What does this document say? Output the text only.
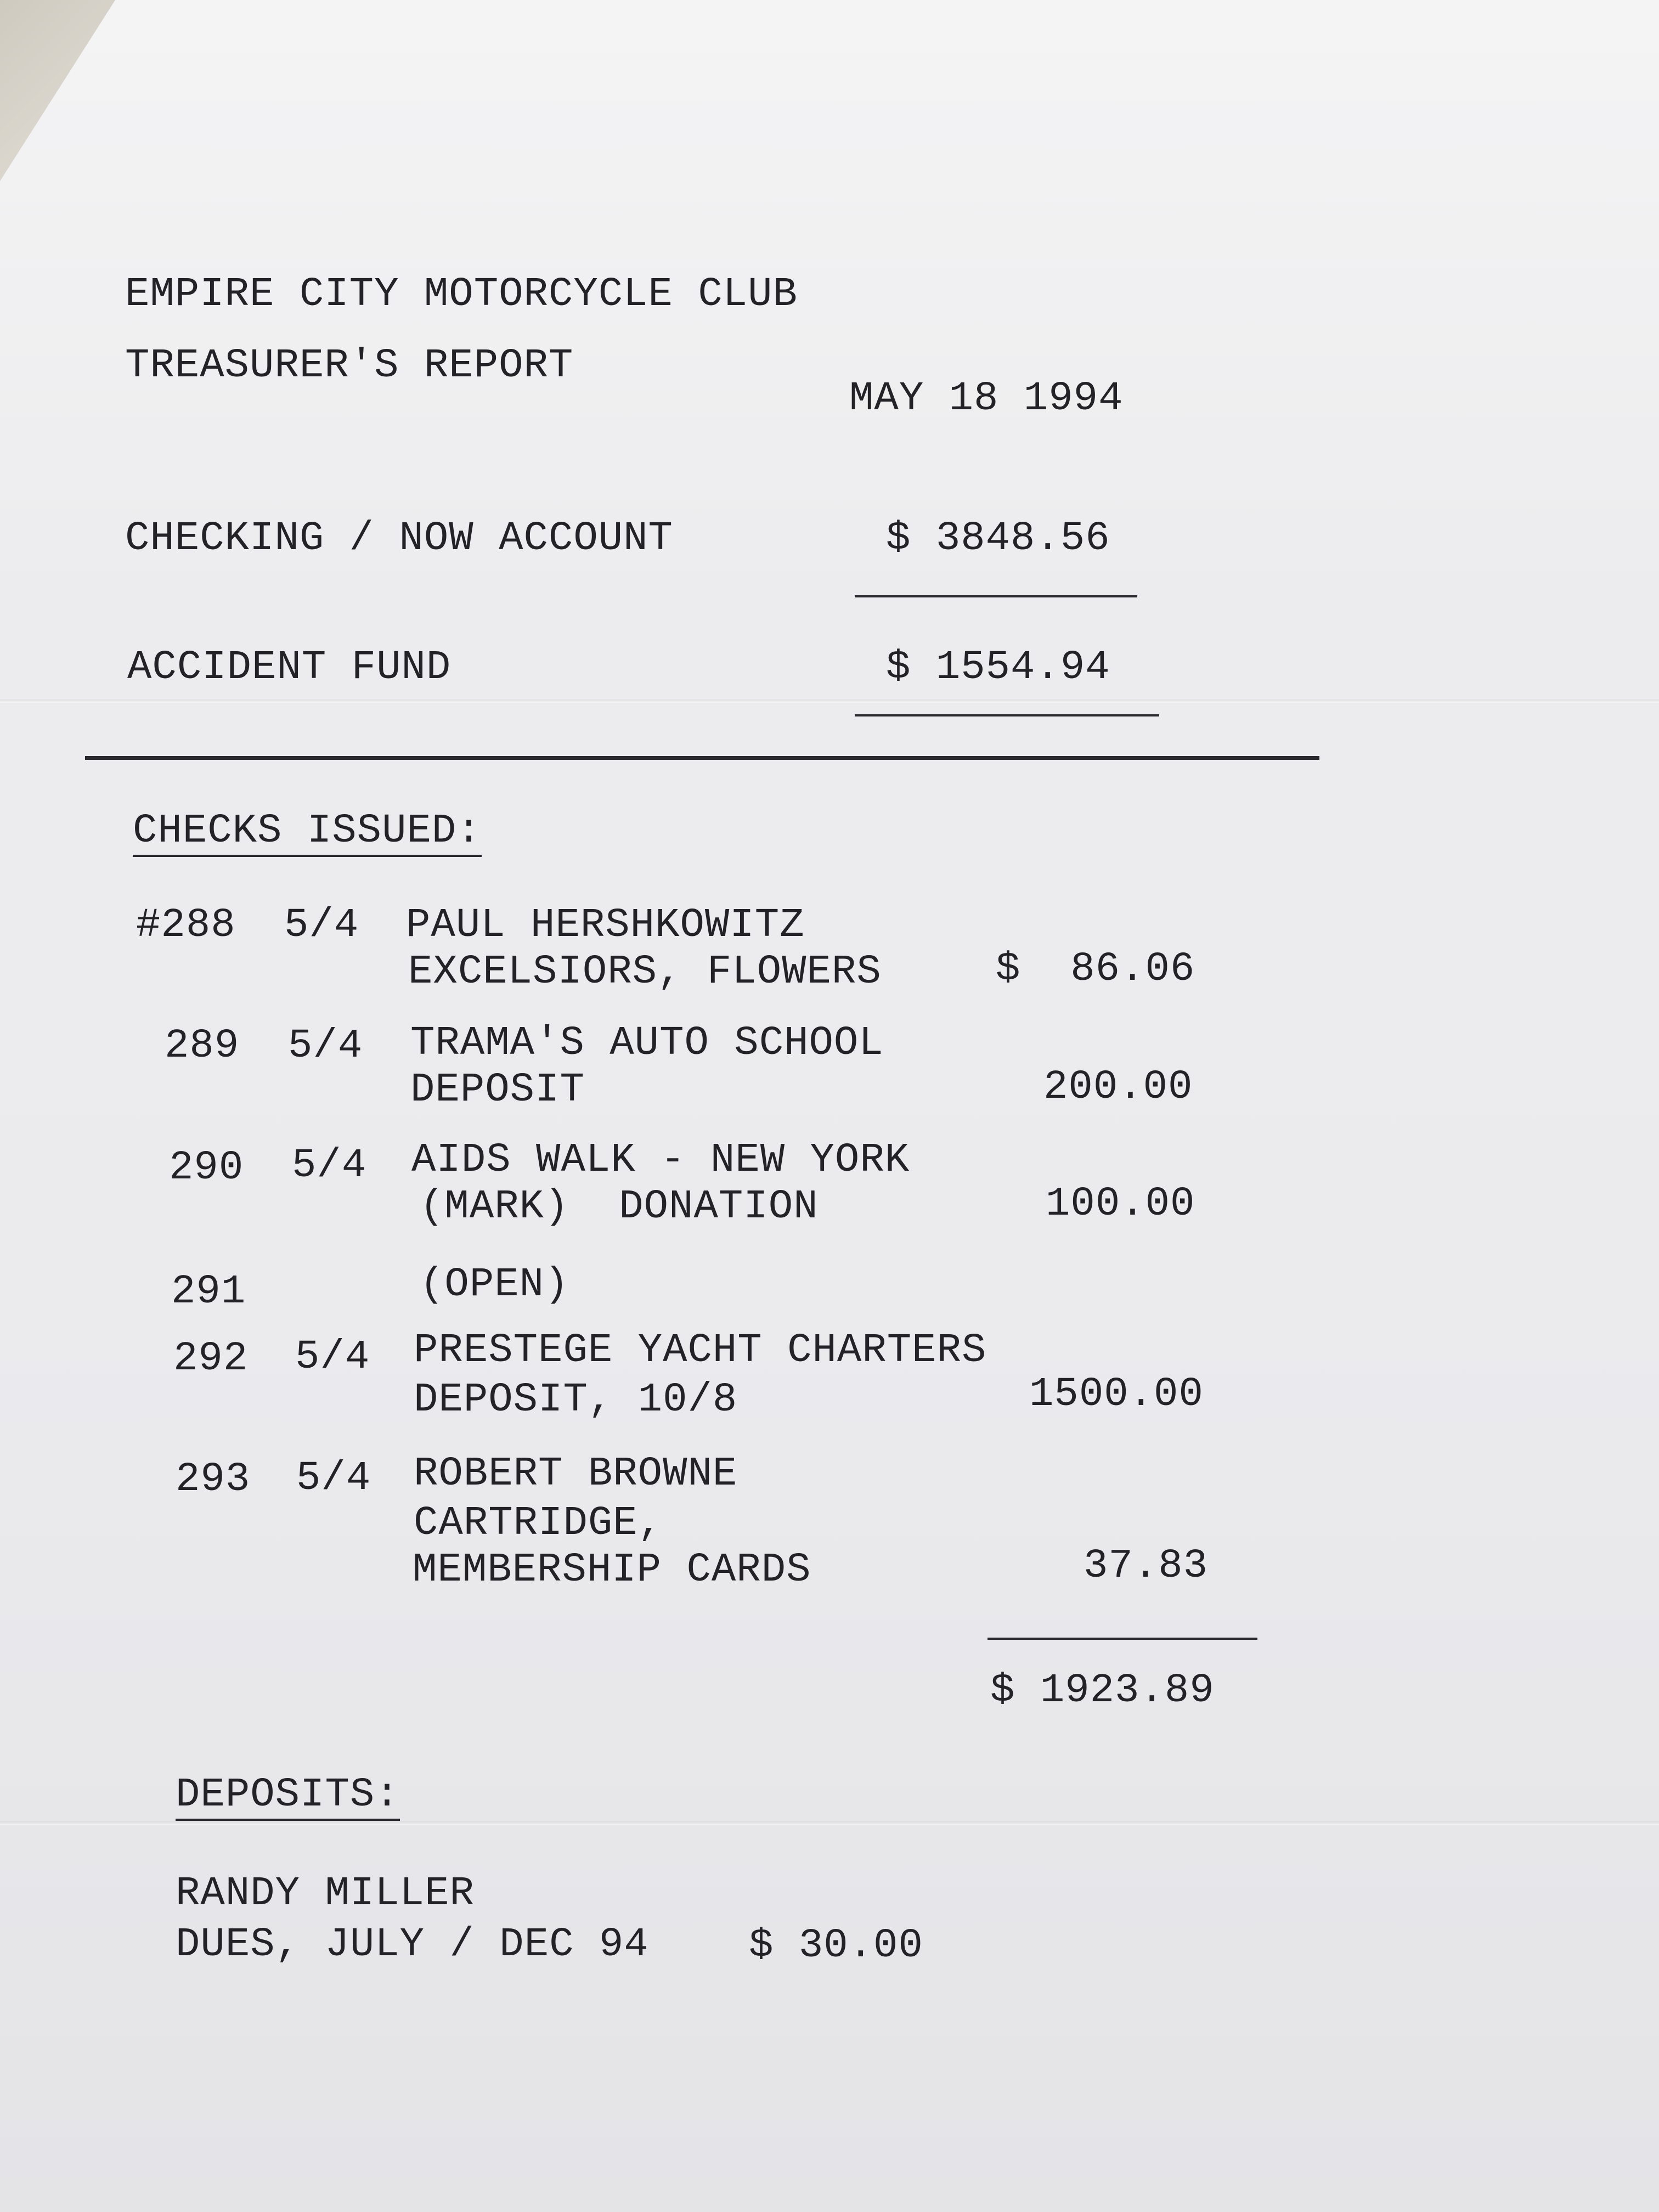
EMPIRE CITY MOTORCYCLE CLUB
TREASURER'S REPORT
MAY 18 1994
CHECKING / NOW ACCOUNT	$ 3848.56
ACCIDENT FUND	$ 1554.94
CHECKS ISSUED:
#288 5/4 PAUL HERSHKOWITZ
EXCELSIORS, FLOWERS	$  86.06
289 5/4 TRAMA'S AUTO SCHOOL
DEPOSIT	200.00
290 5/4 AIDS WALK - NEW YORK
(MARK)  DONATION	100.00
291	(OPEN)
292 5/4 PRESTEGE YACHT CHARTERS
DEPOSIT, 10/8	1500.00
293 5/4 ROBERT BROWNE
CARTRIDGE,
MEMBERSHIP CARDS	37.83
$ 1923.89
DEPOSITS:
RANDY MILLER
DUES, JULY / DEC 94 $ 30.00
